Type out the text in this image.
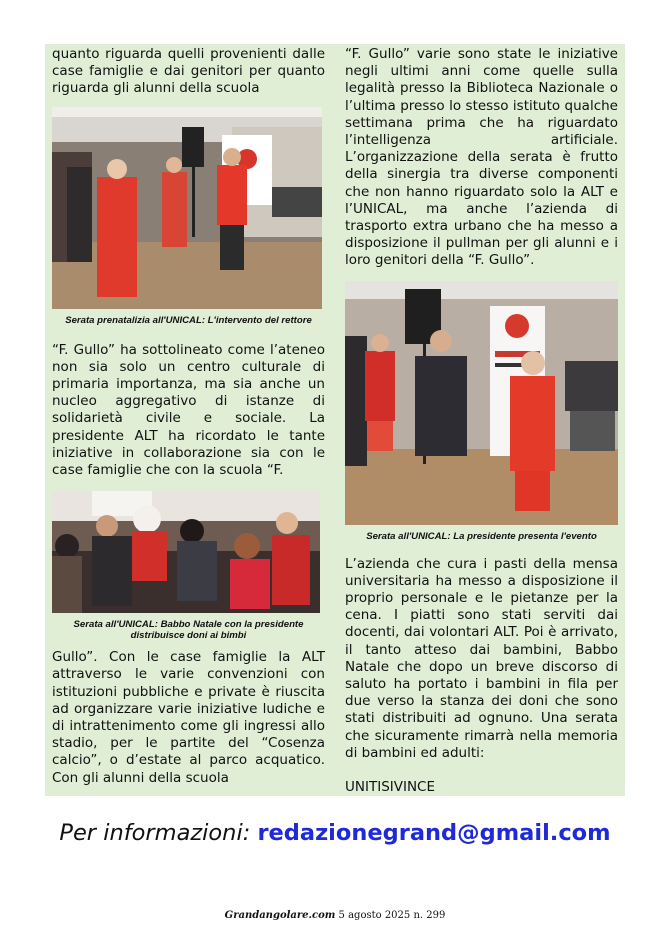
quanto riguarda quelli provenienti dalle case famiglie e dai genitori per quanto riguarda gli alunni della scuola

Serata prenatalizia all'UNICAL: L'intervento del rettore

“F. Gullo” ha sottolineato come l’ateneo non sia solo un centro culturale di primaria importanza, ma sia anche un nucleo aggregativo di istanze di solidarietà civile e sociale. La presidente ALT ha ricordato le tante iniziative in collaborazione sia con le case famiglie che con la scuola “F.

Serata all'UNICAL: Babbo Natale con la presidente

distribuisce doni ai bimbi

Gullo”. Con le case famiglie la ALT attraverso le varie convenzioni con istituzioni pubbliche e private è riuscita ad organizzare varie iniziative ludiche e di intrattenimento come gli ingressi allo stadio, per le partite del “Cosenza calcio”, o d’estate al parco acquatico. Con gli alunni della scuola

“F. Gullo” varie sono state le iniziative negli ultimi anni come quelle sulla legalità presso la Biblioteca Nazionale o l’ultima presso lo stesso istituto qualche settimana prima che ha riguardato l’intelligenza artificiale. L’organizzazione della serata è frutto della sinergia tra diverse componenti che non hanno riguardato solo la ALT e l’UNICAL, ma anche l’azienda di trasporto extra urbano che ha messo a disposizione il pullman per gli alunni e i loro genitori della “F. Gullo”.

Serata all'UNICAL: La presidente presenta l'evento

L’azienda che cura i pasti della mensa universitaria ha messo a disposizione il proprio personale e le pietanze per la cena. I piatti sono stati serviti dai docenti, dai volontari ALT. Poi è arrivato, il tanto atteso dai bambini, Babbo Natale che dopo un breve discorso di saluto ha portato i bambini in fila per due verso la stanza dei doni che sono stati distribuiti ad ognuno. Una serata che sicuramente rimarrà nella memoria di bambini ed adulti:

UNITISIVINCE

Per informazioni: redazionegrand@gmail.com
Grandangolare.com 5 agosto 2025 n. 299
